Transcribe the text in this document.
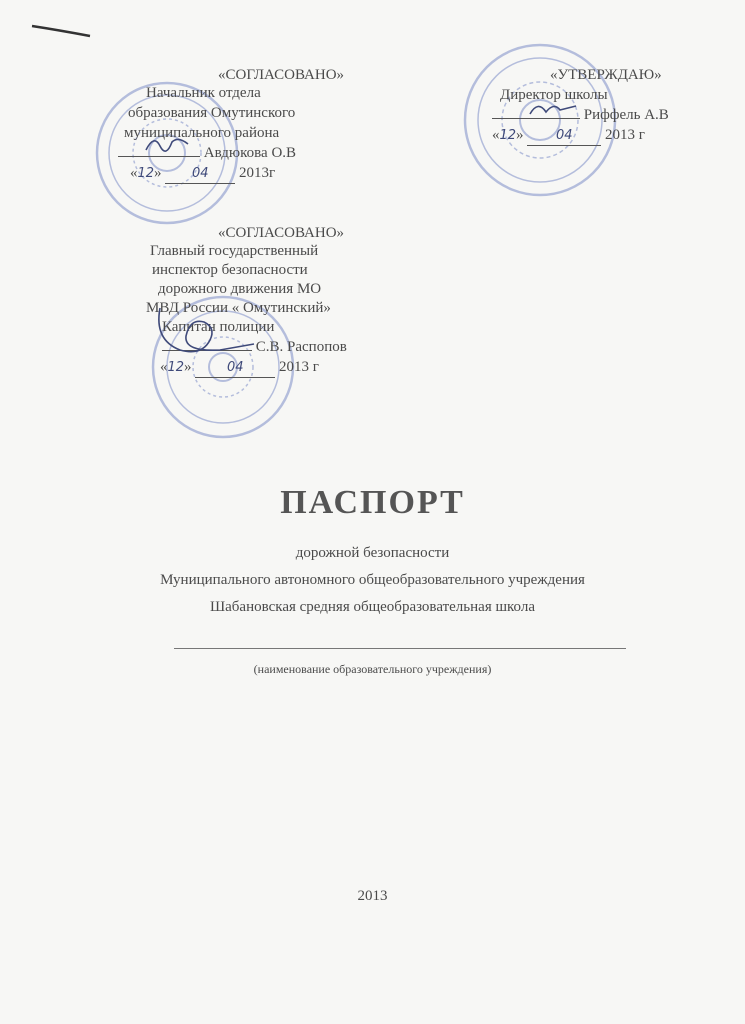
«СОГЛАСОВАНО»
Начальник отдела
образования Омутинского
муниципального района
Авдюкова О.В
«12» 04 2013г
«УТВЕРЖДАЮ»
Директор школы
Риффель А.В
«12» 04 2013 г
«СОГЛАСОВАНО»
Главный государственный
инспектор безопасности
дорожного движения МО
МВД России « Омутинский»
Капитан полиции
С.В. Распопов
«12» 04 2013 г
ПАСПОРТ
дорожной безопасности
Муниципального автономного общеобразовательного учреждения
Шабановская средняя общеобразовательная школа
(наименование образовательного учреждения)
2013
